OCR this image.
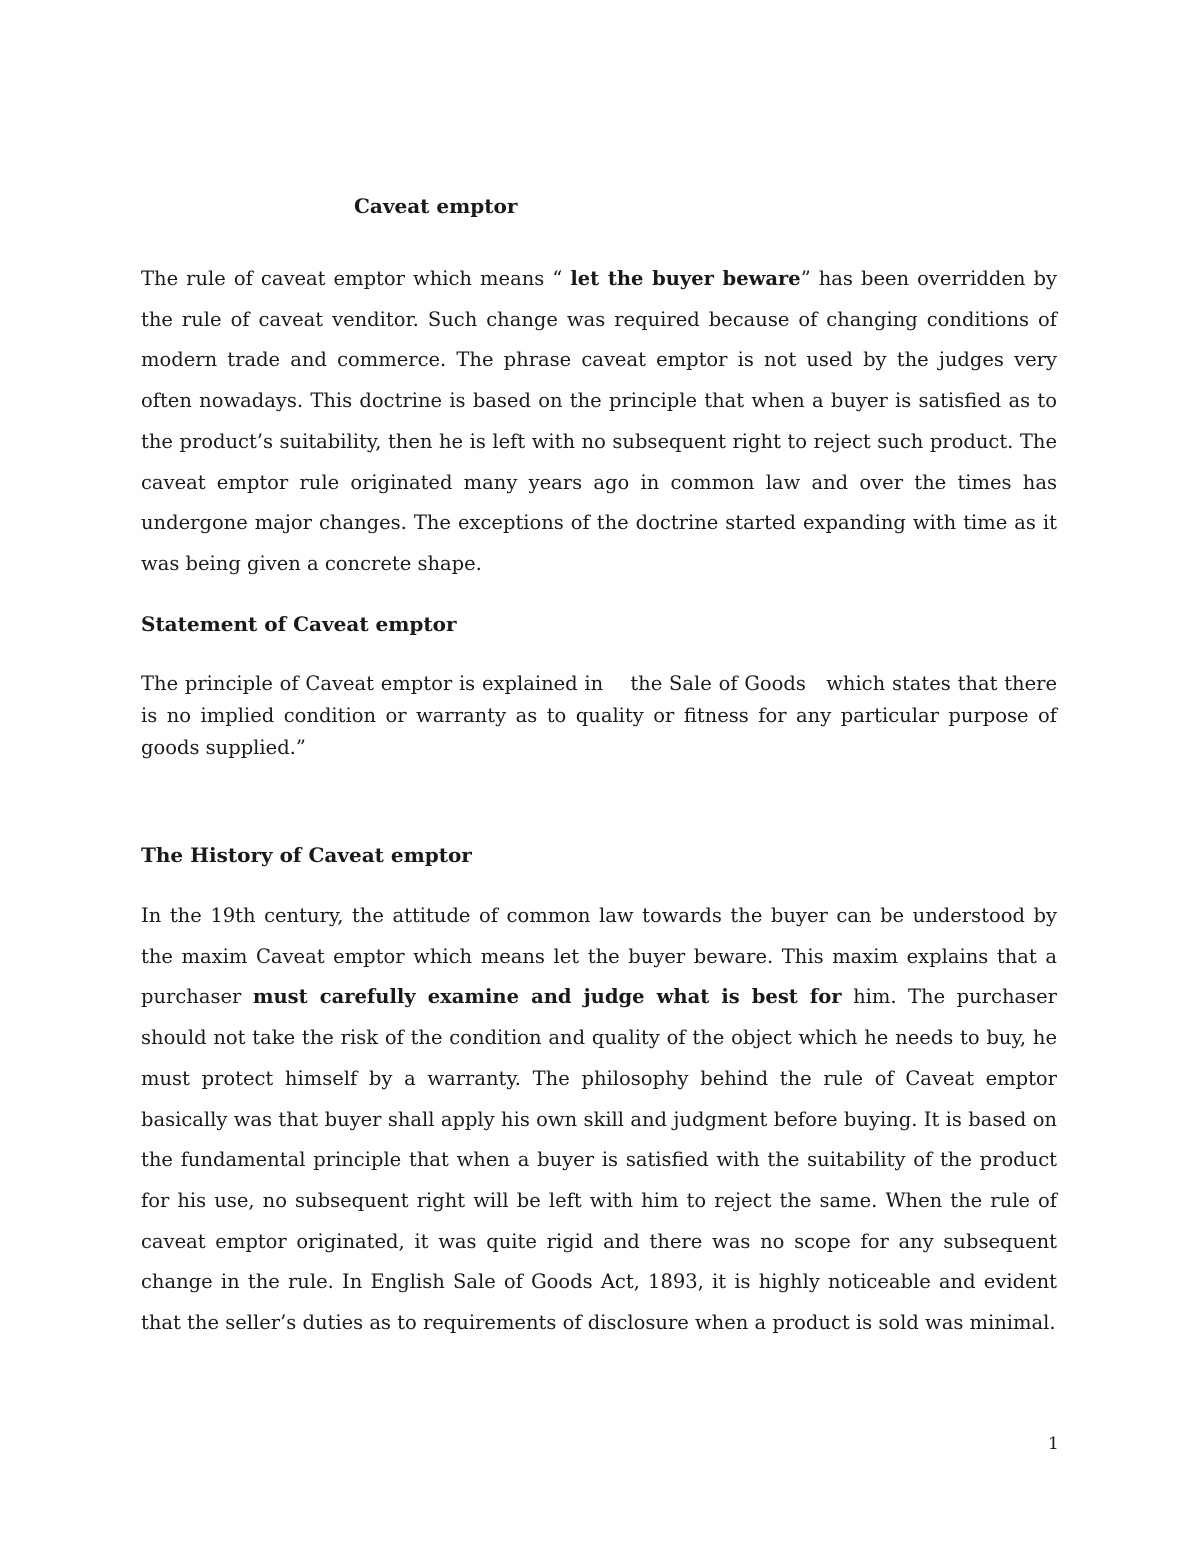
Caveat emptor

The rule of caveat emptor which means “ let the buyer beware” has been overridden by the rule of caveat venditor. Such change was required because of changing conditions of modern trade and commerce. The phrase caveat emptor is not used by the judges very often nowadays. This doctrine is based on the principle that when a buyer is satisfied as to the product’s suitability, then he is left with no subsequent right to reject such product. The caveat emptor rule originated many years ago in common law and over the times has undergone major changes. The exceptions of the doctrine started expanding with time as it was being given a concrete shape.

Statement of Caveat emptor

The principle of Caveat emptor is explained in    the Sale of Goods   which states that there is no implied condition or warranty as to quality or fitness for any particular purpose of goods supplied.”

The History of Caveat emptor

In the 19th century, the attitude of common law towards the buyer can be understood by the maxim Caveat emptor which means let the buyer beware. This maxim explains that a purchaser must carefully examine and judge what is best for him. The purchaser should not take the risk of the condition and quality of the object which he needs to buy, he must protect himself by a warranty. The philosophy behind the rule of Caveat emptor basically was that buyer shall apply his own skill and judgment before buying. It is based on the fundamental principle that when a buyer is satisfied with the suitability of the product for his use, no subsequent right will be left with him to reject the same. When the rule of caveat emptor originated, it was quite rigid and there was no scope for any subsequent change in the rule. In English Sale of Goods Act, 1893, it is highly noticeable and evident that the seller’s duties as to requirements of disclosure when a product is sold was minimal.

1
